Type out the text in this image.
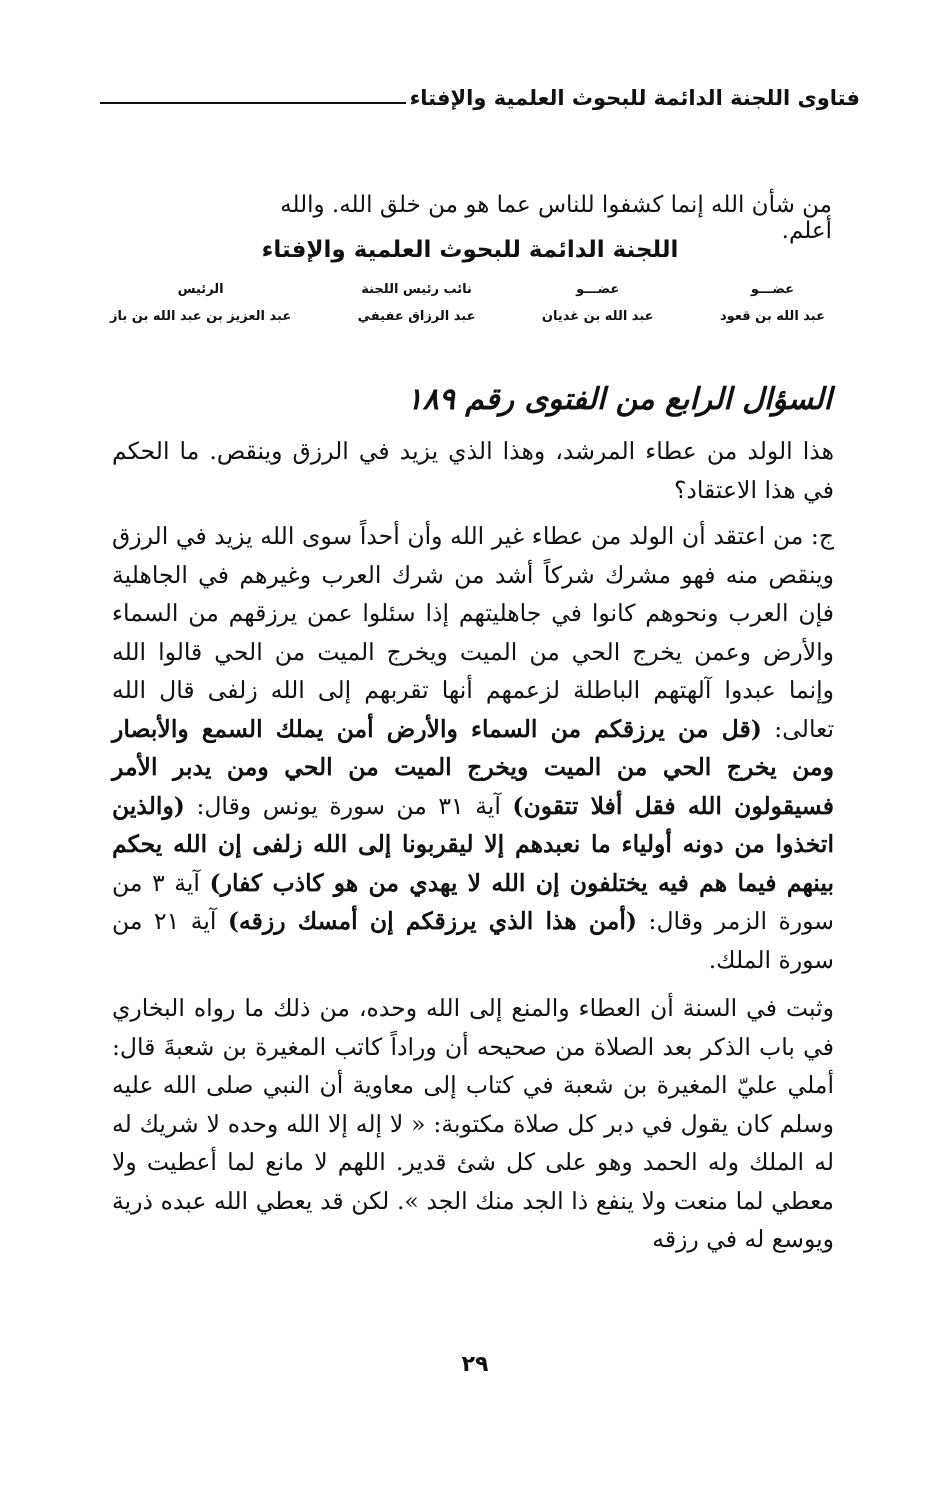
فتاوى اللجنة الدائمة للبحوث العلمية والإفتاء
من شأن الله إنما كشفوا للناس عما هو من خلق الله. والله أعلم.
اللجنة الدائمة للبحوث العلمية والإفتاء
عضـــو
عبد الله بن قعود
عضـــو
عبد الله بن غديان
نائب رئيس اللجنة
عبد الرزاق عفيفي
الرئيس
عبد العزيز بن عبد الله بن باز
السؤال الرابع من الفتوى رقم ١٨٩

هذا الولد من عطاء المرشد، وهذا الذي يزيد في الرزق وينقص. ما الحكم في هذا الاعتقاد؟

ج: من اعتقد أن الولد من عطاء غير الله وأن أحداً سوى الله يزيد في الرزق وينقص منه فهو مشرك شركاً أشد من شرك العرب وغيرهم في الجاهلية فإن العرب ونحوهم كانوا في جاهليتهم إذا سئلوا عمن يرزقهم من السماء والأرض وعمن يخرج الحي من الميت ويخرج الميت من الحي قالوا الله وإنما عبدوا آلهتهم الباطلة لزعمهم أنها تقربهم إلى الله زلفى قال الله تعالى: (قل من يرزقكم من السماء والأرض أمن يملك السمع والأبصار ومن يخرج الحي من الميت ويخرج الميت من الحي ومن يدبر الأمر فسيقولون الله فقل أفلا تتقون) آية ٣١ من سورة يونس وقال: (والذين اتخذوا من دونه أولياء ما نعبدهم إلا ليقربونا إلى الله زلفى إن الله يحكم بينهم فيما هم فيه يختلفون إن الله لا يهدي من هو كاذب كفار) آية ٣ من سورة الزمر وقال: (أمن هذا الذي يرزقكم إن أمسك رزقه) آية ٢١ من سورة الملك.

وثبت في السنة أن العطاء والمنع إلى الله وحده، من ذلك ما رواه البخاري في باب الذكر بعد الصلاة من صحيحه أن وراداً كاتب المغيرة بن شعبةَ قال: أملي عليّ المغيرة بن شعبة في كتاب إلى معاوية أن النبي صلى الله عليه وسلم كان يقول في دبر كل صلاة مكتوبة: « لا إله إلا الله وحده لا شريك له له الملك وله الحمد وهو على كل شئ قدير. اللهم لا مانع لما أعطيت ولا معطي لما منعت ولا ينفع ذا الجد منك الجد ». لكن قد يعطي الله عبده ذرية ويوسع له في رزقه

٢٩
